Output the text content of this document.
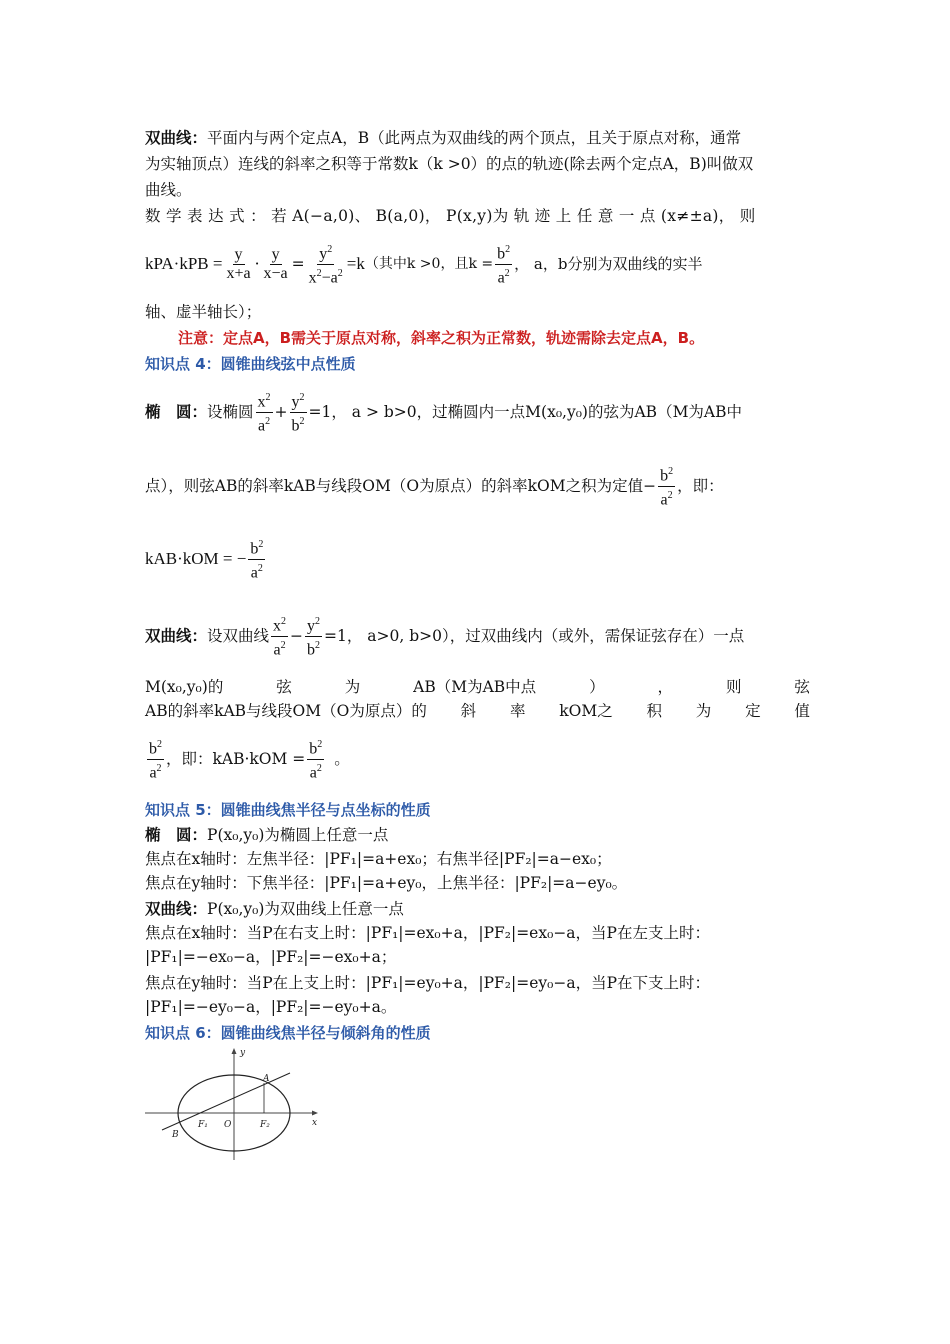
双曲线：平面内与两个定点A，B（此两点为双曲线的两个顶点，且关于原点对称，通常
为实轴顶点）连线的斜率之积等于常数k（k >0）的点的轨迹(除去两个定点A，B)叫做双
曲线。
数 学 表 达 式 ： 若 A(−a,0)、 B(a,0)， P(x,y)为 轨 迹 上 任 意 一 点 (x≠±a)， 则
$kPA\cdot kPB = \frac{y}{x+a} \cdot \frac{y}{x-a} = \frac{y^2}{x^2-a^2} =k$ （其中k >0，且$k = \frac{b^2}{a^2}$ ， a，b分别为双曲线的实半
轴、虚半轴长）；
注意：定点A，B需关于原点对称，斜率之积为正常数，轨迹需除去定点A，B。
知识点 4：圆锥曲线弦中点性质
椭　圆： 设椭圆 $\frac{x^2}{a^2} + \frac{y^2}{b^2} =1$， a > b>0，过椭圆内一点M(x₀,y₀)的弦为AB（M为AB中
点），则弦AB的斜率kAB与线段OM（O为原点）的斜率kOM之积为定值− $\frac{b^2}{a^2}$ ，即：
kAB·kOM = − $\frac{b^2}{a^2}$
双曲线： 设双曲线 $\frac{x^2}{a^2} - \frac{y^2}{b^2} =1$， a>0, b>0），过双曲线内（或外，需保证弦存在）一点
M(x₀,y₀)的	弦	为	AB（M为AB中点	）	，	则	弦
AB的斜率kAB与线段OM（O为原点）的 斜 率 kOM之 积 为 定 值
$\frac{b^2}{a^2}$ ，即：$kAB\cdot kOM = \frac{b^2}{a^2}$ 。
知识点 5：圆锥曲线焦半径与点坐标的性质
椭　圆：P(x₀,y₀)为椭圆上任意一点
焦点在x轴时：左焦半径：|PF₁|=a+ex₀；右焦半径|PF₂|=a−ex₀；
焦点在y轴时：下焦半径：|PF₁|=a+ey₀，上焦半径：|PF₂|=a−ey₀。
双曲线：P(x₀,y₀)为双曲线上任意一点
焦点在x轴时：当P在右支上时：|PF₁|=ex₀+a，|PF₂|=ex₀−a，当P在左支上时：
|PF₁|=−ex₀−a，|PF₂|=−ex₀+a；
焦点在y轴时：当P在上支上时：|PF₁|=ey₀+a，|PF₂|=ey₀−a，当P在下支上时：
|PF₁|=−ey₀−a，|PF₂|=−ey₀+a。
知识点 6：圆锥曲线焦半径与倾斜角的性质
y
x
A
B
F₁ O	F₂
